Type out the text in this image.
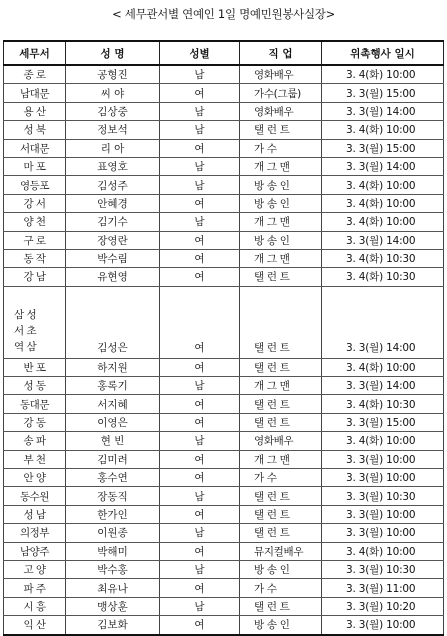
< 세무관서별 연예인 1일 명예민원봉사실장>
세무서	성 명	성별	직 업	위촉행사 일시
종 로	공형진	남	영화배우	3. 4(화) 10:00
남대문	씨 야	여	가수(그룹)	3. 3(월) 15:00
용 산	김상중	남	영화배우	3. 3(월) 14:00
성 북	정보석	남	탤 런 트	3. 4(화) 10:00
서대문	리 아	여	가 수	3. 3(월) 15:00
마 포	표영호	남	개 그 맨	3. 3(월) 14:00
영등포	김성주	남	방 송 인	3. 4(화) 10:00
강 서	안혜경	여	방 송 인	3. 4(화) 10:00
양 천	김기수	남	개 그 맨	3. 4(화) 10:00
구 로	장영란	여	방 송 인	3. 3(월) 14:00
동 작	박수림	여	개 그 맨	3. 4(화) 10:30
강 남	유현영	여	탤 런 트	3. 4(화) 10:30

삼 성
서 초
역 삼	김성은	여	탤 런 트	3. 3(월) 14:00
반 포	하지원	여	탤 런 트	3. 4(화) 10:00
성 동	홍록기	남	개 그 맨	3. 3(월) 14:00
동대문	서지혜	여	탤 런 트	3. 4(화) 10:30
강 동	이영은	여	탤 런 트	3. 3(월) 15:00
송 파	현 빈	남	영화배우	3. 4(화) 10:00
부 천	김미려	여	개 그 맨	3. 3(월) 10:00
안 양	홍수연	여	가 수	3. 3(월) 10:00
동수원	장동직	남	탤 런 트	3. 3(월) 10:30
성 남	한가인	여	탤 런 트	3. 3(월) 10:00
의정부	이원종	남	탤 런 트	3. 3(월) 10:00
남양주	박해미	여	뮤지컬배우	3. 4(화) 10:00
고 양	박수홍	남	방 송 인	3. 3(월) 10:30
파 주	최유나	여	가 수	3. 3(월) 11:00
시 흥	맹상훈	남	탤 런 트	3. 3(월) 10:20
익 산	김보화	여	방 송 인	3. 3(월) 10:00
